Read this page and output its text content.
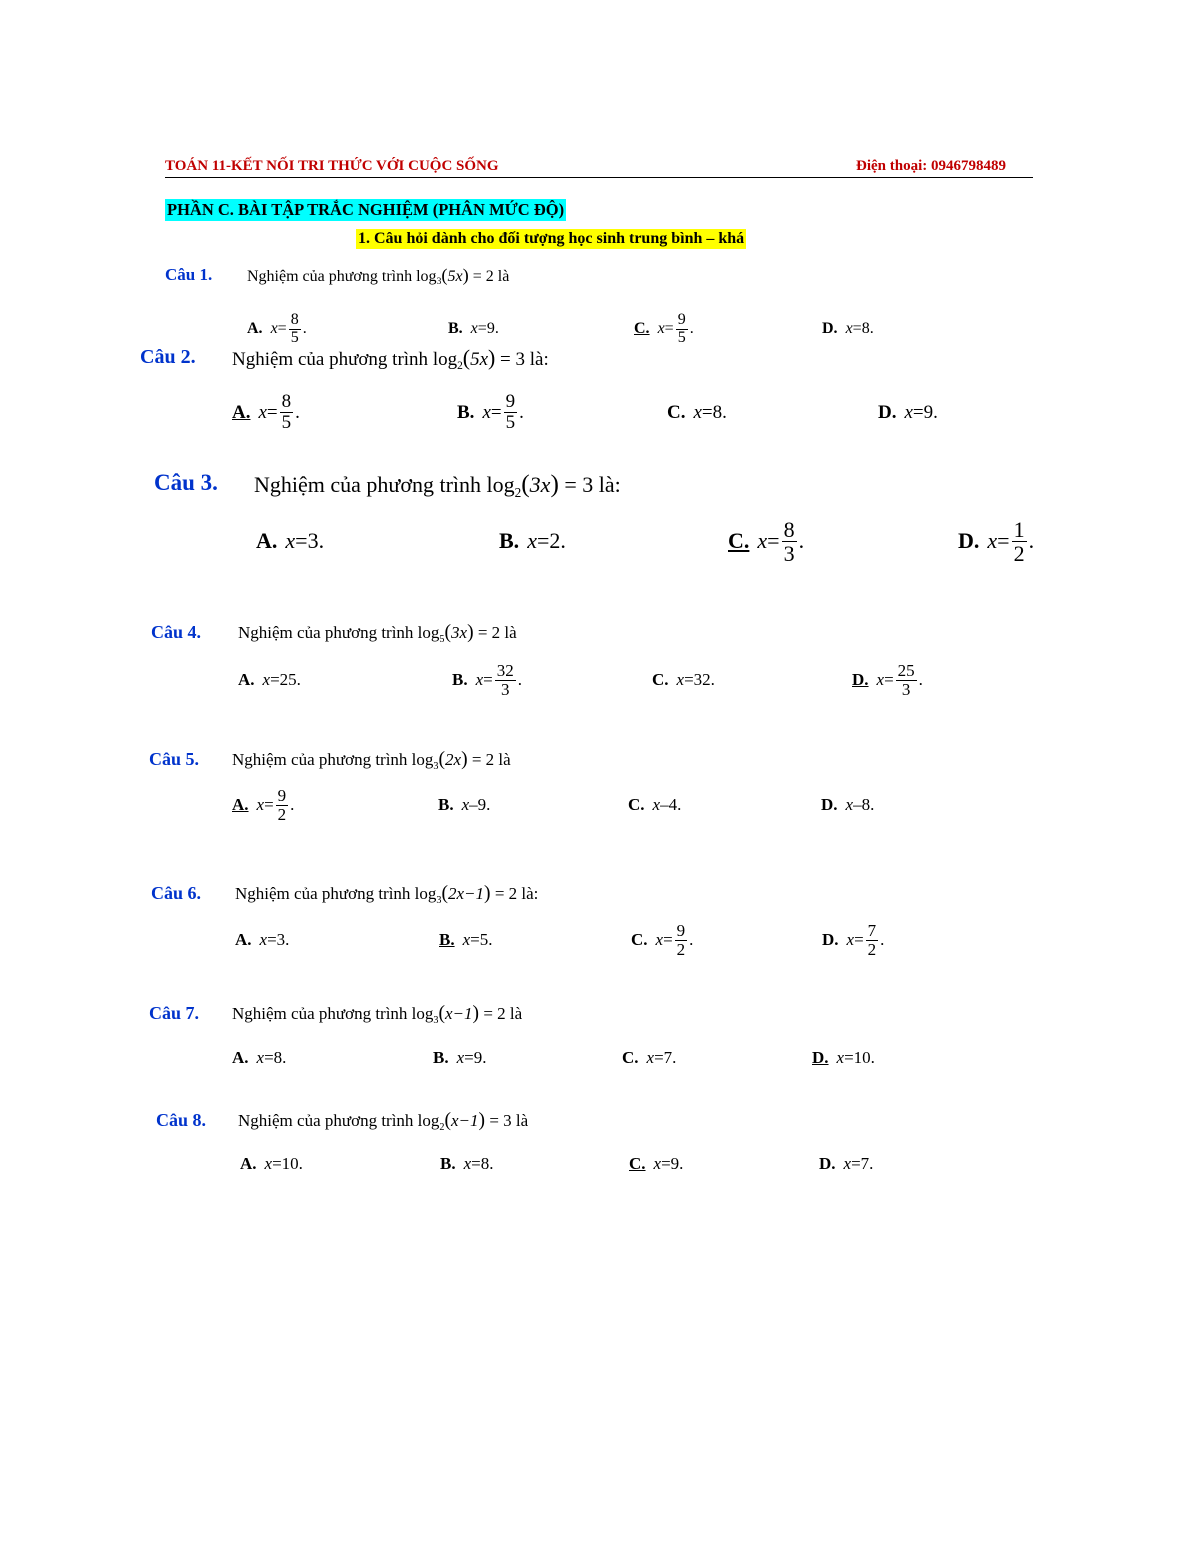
TOÁN 11-KẾT NỐI TRI THỨC VỚI CUỘC SỐNG	Điện thoại: 0946798489
PHẦN C. BÀI TẬP TRẮC NGHIỆM (PHÂN MỨC ĐỘ)
1. Câu hỏi dành cho đối tượng học sinh trung bình – khá
Câu 1. Nghiệm của phương trình $\log_3(5x) = 2$ là
A. $x = \frac{8}{5}$ .	B. x = 9 .	C. $x = \frac{9}{5}$ .	D. x = 8 .
Câu 2. Nghiệm của phương trình $\log_2(5x) = 3$ là:
A. $x = \frac{8}{5}$ .	B. $x = \frac{9}{5}$ .	C. x = 8 .	D. x = 9 .
Câu 3. Nghiệm của phương trình $\log_2(3x) = 3$ là:
A. x = 3 .	B. x = 2 .	C. $x = \frac{8}{3}$ .	D. $x = \frac{1}{2}$ .
Câu 4. Nghiệm của phương trình $\log_5(3x) = 2$ là
A. x = 25 .	B. $x = \frac{32}{3}$ .	C. x = 32 .	D. $x = \frac{25}{3}$ .
Câu 5. Nghiệm của phương trình $\log_3(2x) = 2$ là
A. $x = \frac{9}{2}$ .	B. x – 9 .	C. x – 4 .	D. x – 8 .
Câu 6. Nghiệm của phương trình $\log_3(2x-1) = 2$ là:
A. x = 3 .	B. x = 5 .	C. $x = \frac{9}{2}$ .	D. $x = \frac{7}{2}$ .
Câu 7. Nghiệm của phương trình $\log_3(x-1) = 2$ là
A. x = 8 .	B. x = 9 .	C. x = 7 .	D. x = 10 .
Câu 8. Nghiệm của phương trình $\log_2(x-1) = 3$ là
A. x = 10 .	B. x = 8 .	C. x = 9 .	D. x = 7 .
